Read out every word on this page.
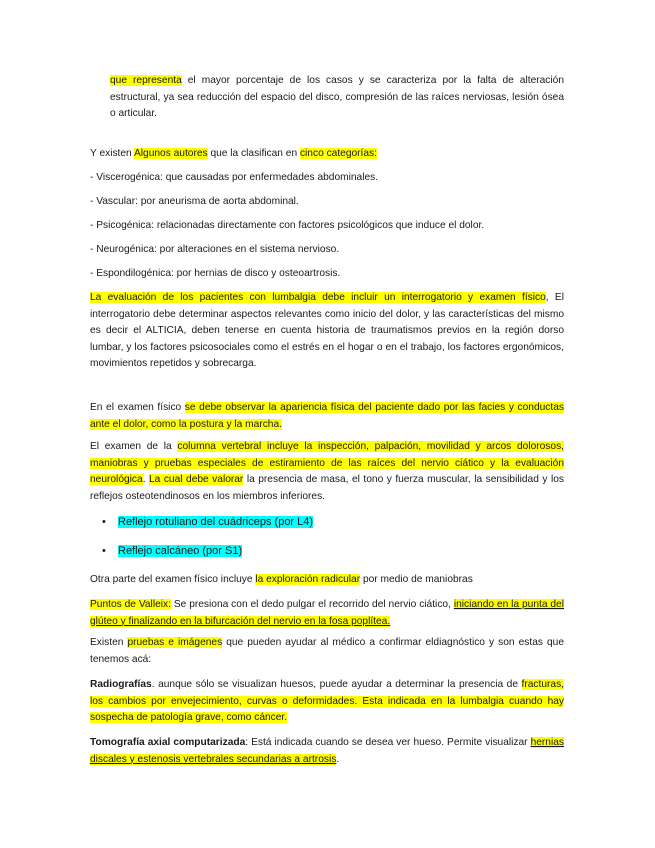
que representa el mayor porcentaje de los casos y se caracteriza por la falta de alteración estructural, ya sea reducción del espacio del disco, compresión de las raíces nerviosas, lesión ósea o articular.

Y existen Algunos autores que la clasifican en cinco categorías:

- Viscerogénica: que causadas por enfermedades abdominales.

- Vascular: por aneurisma de aorta abdominal.

- Psicogénica: relacionadas directamente con factores psicológicos que induce el dolor.

- Neurogénica: por alteraciones en el sistema nervioso.

- Espondilogénica: por hernias de disco y osteoartrosis.

La evaluación de los pacientes con lumbalgia debe incluir un interrogatorio y examen físico, El interrogatorio debe determinar aspectos relevantes como inicio del dolor, y las características del mismo es decir el ALTICIA, deben tenerse en cuenta historia de traumatismos previos en la región dorso lumbar, y los factores psicosociales como el estrés en el hogar o en el trabajo, los factores ergonómicos, movimientos repetidos y sobrecarga.

En el examen físico se debe observar la apariencia física del paciente dado por las facies y conductas ante el dolor, como la postura y la marcha.

El examen de la columna vertebral incluye la inspección, palpación, movilidad y arcos dolorosos, maniobras y pruebas especiales de estiramiento de las raíces del nervio ciático y la evaluación neurológica. La cual debe valorar la presencia de masa, el tono y fuerza muscular, la sensibilidad y los reflejos osteotendinosos en los miembros inferiores.

• Reflejo rotuliano del cuádriceps (por L4)
• Reflejo calcáneo (por S1)

Otra parte del examen físico incluye la exploración radicular por medio de maniobras

Puntos de Valleix: Se presiona con el dedo pulgar el recorrido del nervio ciático, iniciando en la punta del glúteo y finalizando en la bifurcación del nervio en la fosa poplítea.

Existen pruebas e imágenes que pueden ayudar al médico a confirmar eldiagnóstico y son estas que tenemos acá:

Radiografías. aunque sólo se visualizan huesos, puede ayudar a determinar la presencia de fracturas, los cambios por envejecimiento, curvas o deformidades. Esta indicada en la lumbalgia cuando hay sospecha de patología grave, como cáncer.

Tomografía axial computarizada: Está indicada cuando se desea ver hueso. Permite visualizar hernias discales y estenosis vertebrales secundarias a artrosis.
